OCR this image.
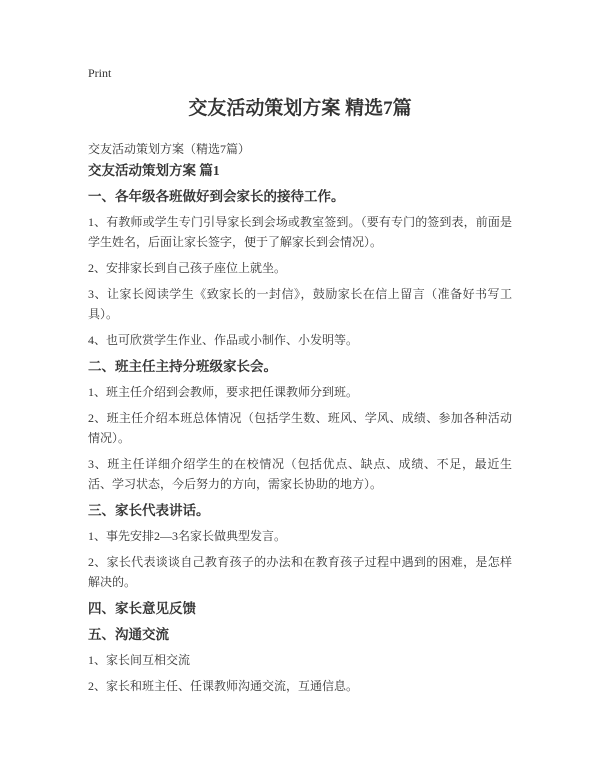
Print
交友活动策划方案 精选7篇

交友活动策划方案（精选7篇）

交友活动策划方案 篇1
一、各年级各班做好到会家长的接待工作。

1、有教师或学生专门引导家长到会场或教室签到。（要有专门的签到表，前面是学生姓名，后面让家长签字，便于了解家长到会情况）。

2、安排家长到自己孩子座位上就坐。

3、让家长阅读学生《致家长的一封信》，鼓励家长在信上留言（准备好书写工具）。

4、也可欣赏学生作业、作品或小制作、小发明等。

二、班主任主持分班级家长会。

1、班主任介绍到会教师，要求把任课教师分到班。

2、班主任介绍本班总体情况（包括学生数、班风、学风、成绩、参加各种活动情况）。

3、班主任详细介绍学生的在校情况（包括优点、缺点、成绩、不足，最近生活、学习状态，今后努力的方向，需家长协助的地方）。

三、家长代表讲话。

1、事先安排2—3名家长做典型发言。

2、家长代表谈谈自己教育孩子的办法和在教育孩子过程中遇到的困难，是怎样解决的。

四、家长意见反馈
五、沟通交流

1、家长间互相交流

2、家长和班主任、任课教师沟通交流，互通信息。
